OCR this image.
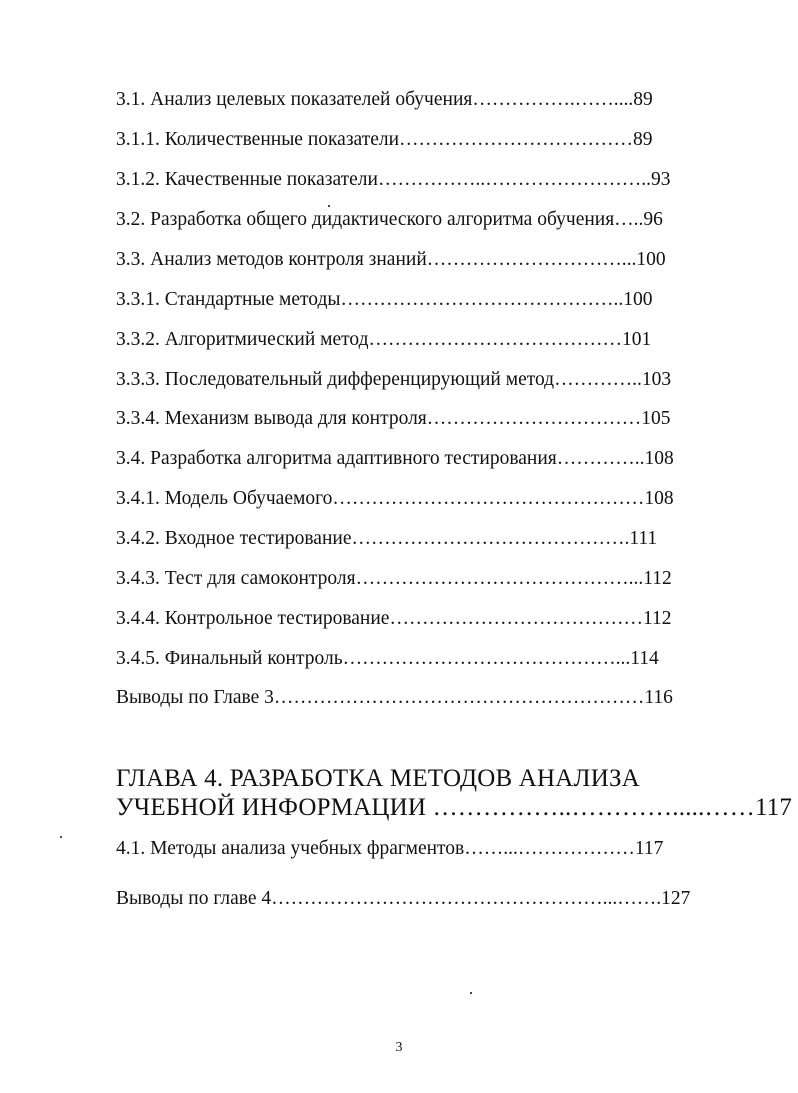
3.1. Анализ целевых показателей обучения…………….……....89
3.1.1. Количественные показатели………………………………89
3.1.2. Качественные показатели……………..……………………..93
3.2. Разработка общего дидактического алгоритма обучения…..96
3.3. Анализ методов контроля знаний…………………………...100
3.3.1. Стандартные методы……………………………………..100
3.3.2. Алгоритмический метод…………………………………101
3.3.3. Последовательный дифференцирующий метод…………..103
3.3.4. Механизм вывода для контроля……………………………105
3.4. Разработка алгоритма адаптивного тестирования…………..108
3.4.1. Модель Обучаемого…………………………………………108
3.4.2. Входное тестирование…………………………………….111
3.4.3. Тест для самоконтроля……………………………………...112
3.4.4. Контрольное тестирование…………………………………112
3.4.5. Финальный контроль……………………………………...114
Выводы по Главе 3…………………………………………………116
ГЛАВА 4. РАЗРАБОТКА МЕТОДОВ АНАЛИЗА
УЧЕБНОЙ ИНФОРМАЦИИ ……………..………….....……117
4.1. Методы анализа учебных фрагментов……...………………117
Выводы по главе 4……………………………………………...…….127
3
